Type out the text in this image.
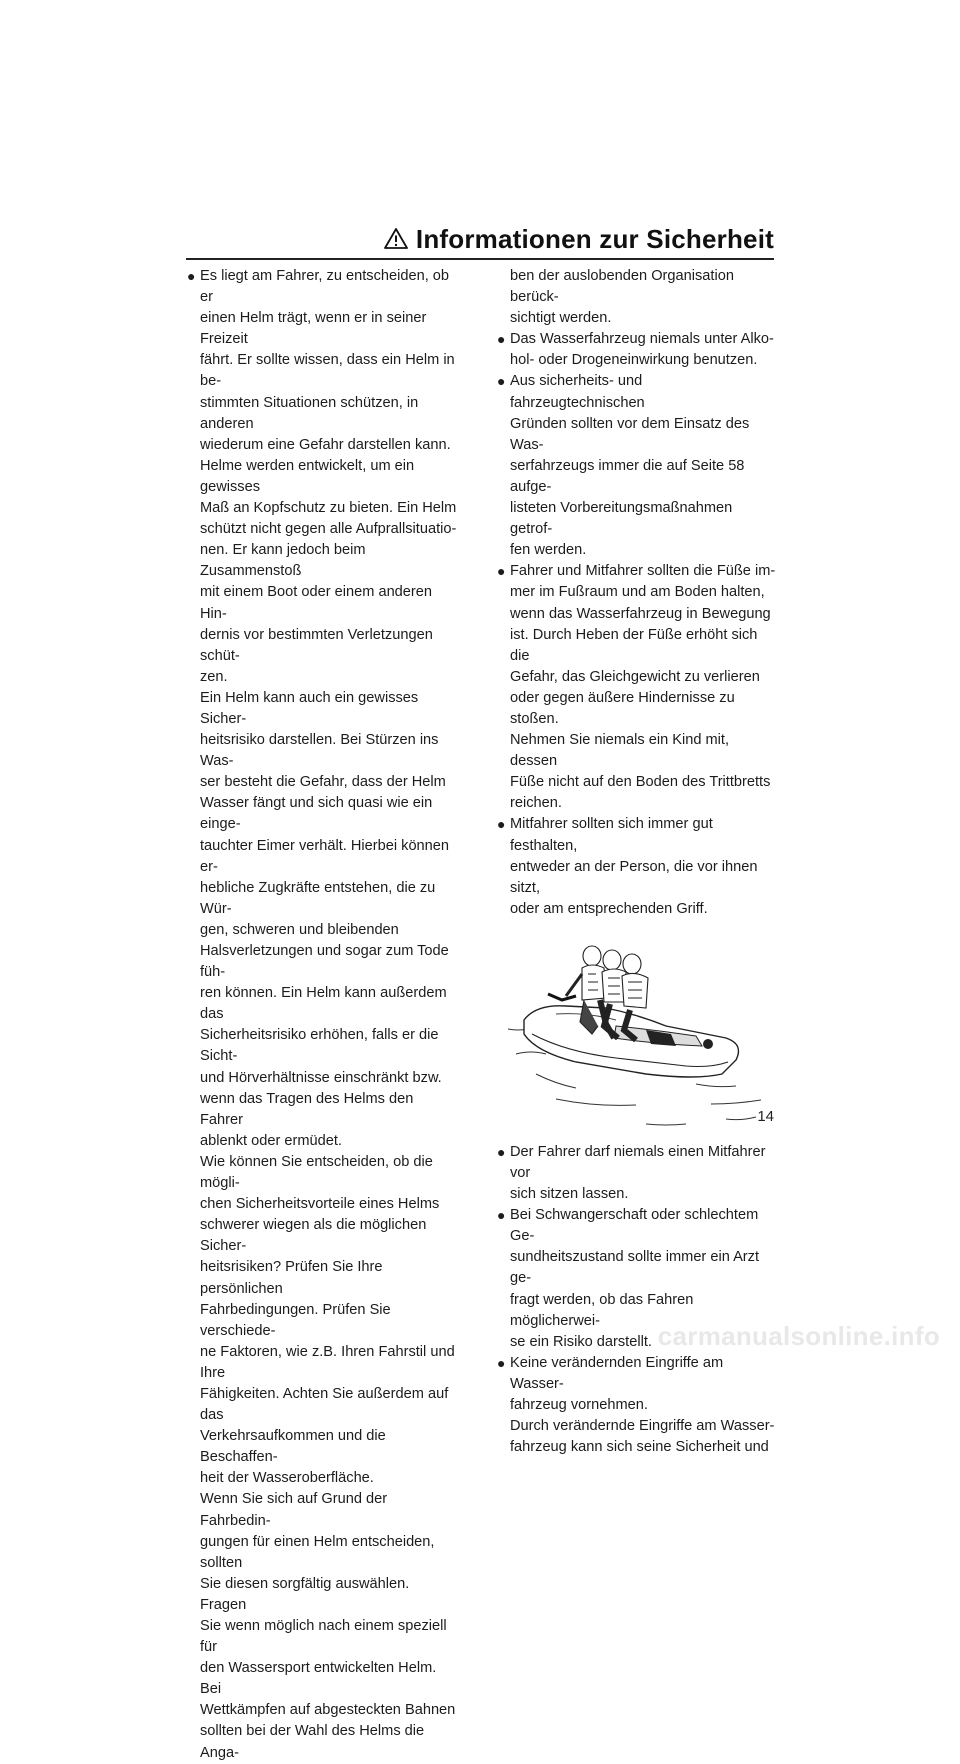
Informationen zur Sicherheit
● Es liegt am Fahrer, zu entscheiden, ob er
einen Helm trägt, wenn er in seiner Freizeit
fährt. Er sollte wissen, dass ein Helm in be-
stimmten Situationen schützen, in anderen
wiederum eine Gefahr darstellen kann.
Helme werden entwickelt, um ein gewisses
Maß an Kopfschutz zu bieten. Ein Helm
schützt nicht gegen alle Aufprallsituatio-
nen. Er kann jedoch beim Zusammenstoß
mit einem Boot oder einem anderen Hin-
dernis vor bestimmten Verletzungen schüt-
zen.
Ein Helm kann auch ein gewisses Sicher-
heitsrisiko darstellen. Bei Stürzen ins Was-
ser besteht die Gefahr, dass der Helm
Wasser fängt und sich quasi wie ein einge-
tauchter Eimer verhält. Hierbei können er-
hebliche Zugkräfte entstehen, die zu Wür-
gen, schweren und bleibenden
Halsverletzungen und sogar zum Tode füh-
ren können. Ein Helm kann außerdem das
Sicherheitsrisiko erhöhen, falls er die Sicht-
und Hörverhältnisse einschränkt bzw.
wenn das Tragen des Helms den Fahrer
ablenkt oder ermüdet.
Wie können Sie entscheiden, ob die mögli-
chen Sicherheitsvorteile eines Helms
schwerer wiegen als die möglichen Sicher-
heitsrisiken? Prüfen Sie Ihre persönlichen
Fahrbedingungen. Prüfen Sie verschiede-
ne Faktoren, wie z.B. Ihren Fahrstil und Ihre
Fähigkeiten. Achten Sie außerdem auf das
Verkehrsaufkommen und die Beschaffen-
heit der Wasseroberfläche.
Wenn Sie sich auf Grund der Fahrbedin-
gungen für einen Helm entscheiden, sollten
Sie diesen sorgfältig auswählen. Fragen
Sie wenn möglich nach einem speziell für
den Wassersport entwickelten Helm. Bei
Wettkämpfen auf abgesteckten Bahnen
sollten bei der Wahl des Helms die Anga-
ben der auslobenden Organisation berück-
sichtigt werden.
● Das Wasserfahrzeug niemals unter Alko-
hol- oder Drogeneinwirkung benutzen.
● Aus sicherheits- und fahrzeugtechnischen
Gründen sollten vor dem Einsatz des Was-
serfahrzeugs immer die auf Seite 58 aufge-
listeten Vorbereitungsmaßnahmen getrof-
fen werden.
● Fahrer und Mitfahrer sollten die Füße im-
mer im Fußraum und am Boden halten,
wenn das Wasserfahrzeug in Bewegung
ist. Durch Heben der Füße erhöht sich die
Gefahr, das Gleichgewicht zu verlieren
oder gegen äußere Hindernisse zu stoßen.
Nehmen Sie niemals ein Kind mit, dessen
Füße nicht auf den Boden des Trittbretts
reichen.
● Mitfahrer sollten sich immer gut festhalten,
entweder an der Person, die vor ihnen sitzt,
oder am entsprechenden Griff.
● Der Fahrer darf niemals einen Mitfahrer vor
sich sitzen lassen.
● Bei Schwangerschaft oder schlechtem Ge-
sundheitszustand sollte immer ein Arzt ge-
fragt werden, ob das Fahren möglicherwei-
se ein Risiko darstellt.
● Keine verändernden Eingriffe am Wasser-
fahrzeug vornehmen.
Durch verändernde Eingriffe am Wasser-
fahrzeug kann sich seine Sicherheit und
14
carmanualsonline.info
